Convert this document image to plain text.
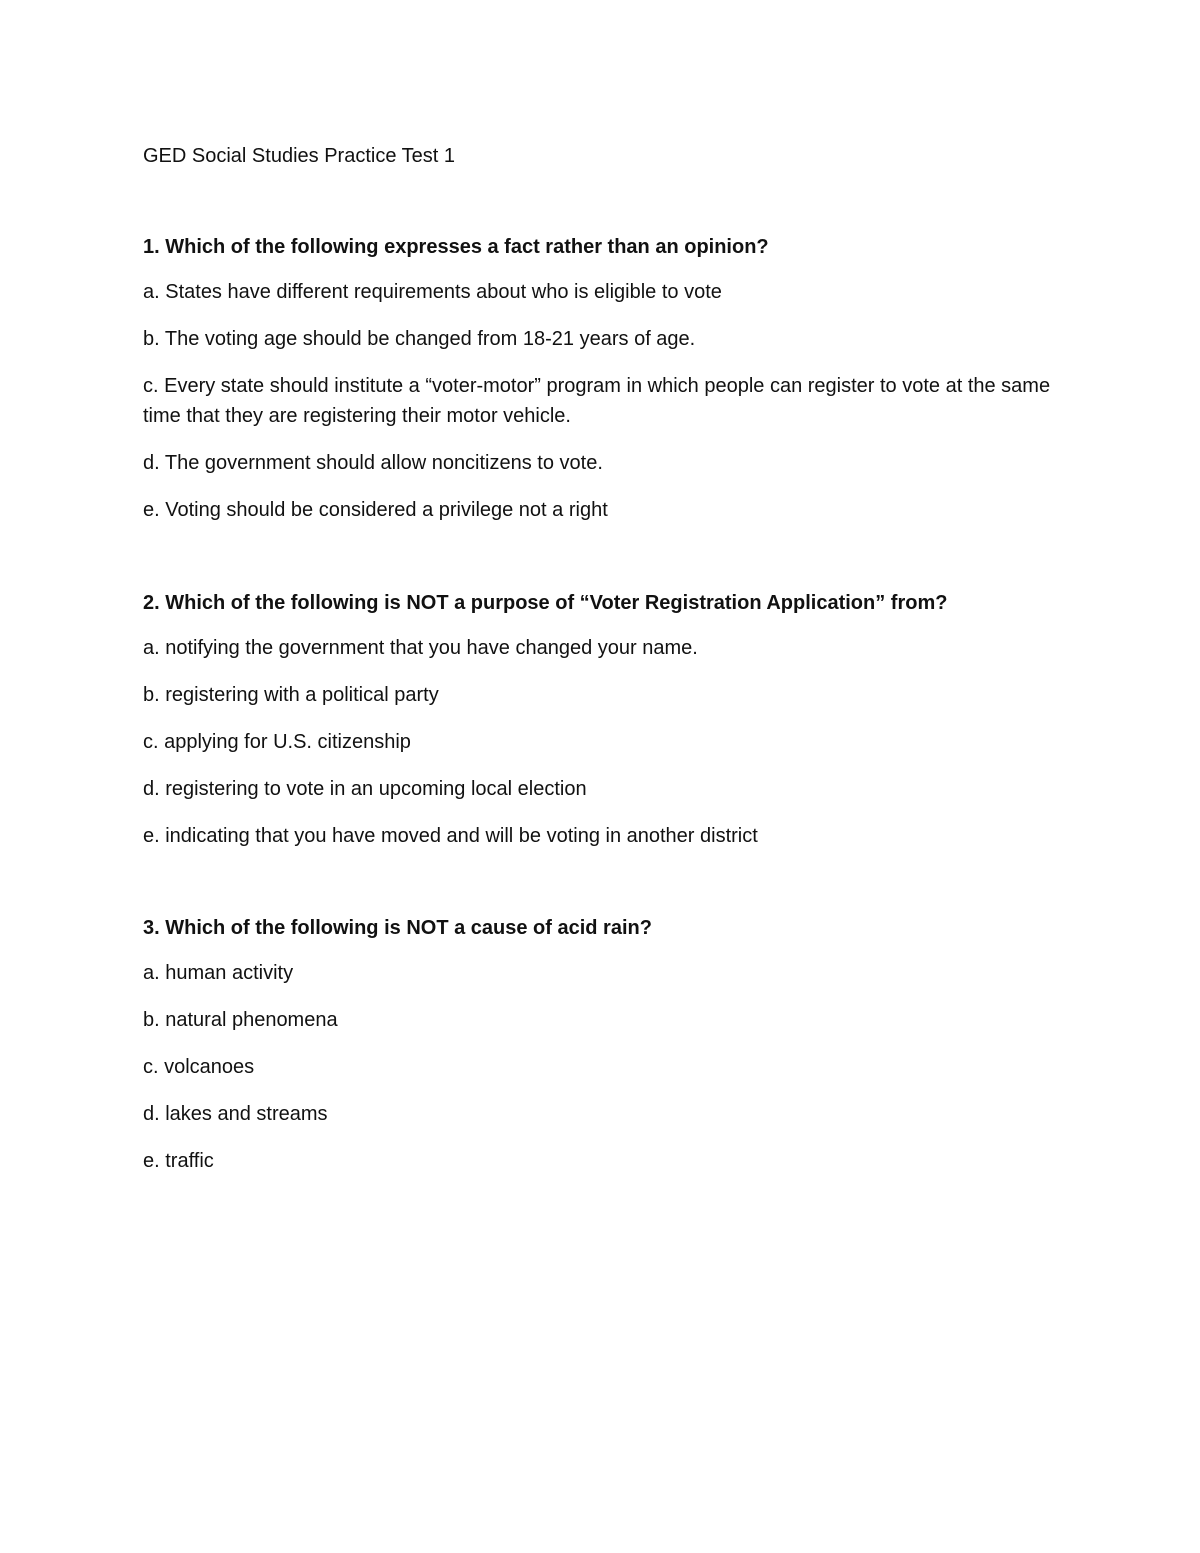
GED Social Studies Practice Test 1

1. Which of the following expresses a fact rather than an opinion?

a. States have different requirements about who is eligible to vote

b. The voting age should be changed from 18-21 years of age.

c. Every state should institute a “voter-motor” program in which people can register to vote at the same time that they are registering their motor vehicle.

d. The government should allow noncitizens to vote.

e. Voting should be considered a privilege not a right

2. Which of the following is NOT a purpose of “Voter Registration Application” from?

a. notifying the government that you have changed your name.

b. registering with a political party

c. applying for U.S. citizenship

d. registering to vote in an upcoming local election

e. indicating that you have moved and will be voting in another district

3. Which of the following is NOT a cause of acid rain?

a. human activity

b. natural phenomena

c. volcanoes

d. lakes and streams

e. traffic
